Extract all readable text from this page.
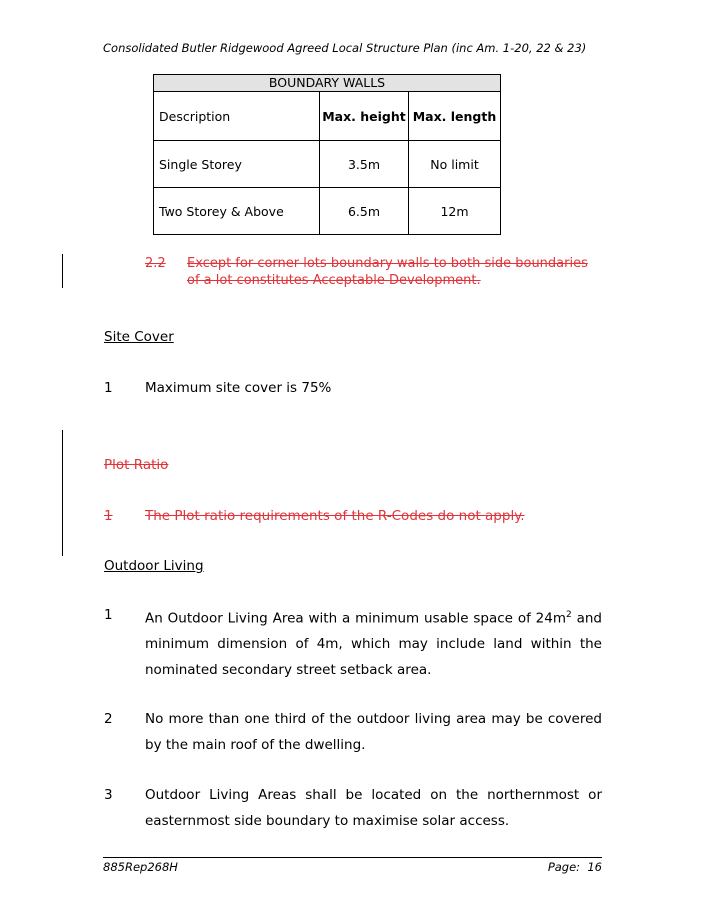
Consolidated Butler Ridgewood Agreed Local Structure Plan (inc Am. 1-20, 22 & 23)
BOUNDARY WALLS		
Description	Max. height	Max. length
Single Storey	3.5m	No limit
Two Storey & Above	6.5m	12m
2.2 Except for corner lots boundary walls to both side boundaries
of a lot constitutes Acceptable Development.
Site Cover
1 Maximum site cover is 75%
Plot Ratio
1 The Plot ratio requirements of the R-Codes do not apply.
Outdoor Living
1 An Outdoor Living Area with a minimum usable space of $24m^2$ and minimum dimension of 4m, which may include land within the nominated secondary street setback area.
2 No more than one third of the outdoor living area may be covered by the main roof of the dwelling.
3 Outdoor Living Areas shall be located on the northernmost or easternmost side boundary to maximise solar access.
885Rep268H	Page: 16
